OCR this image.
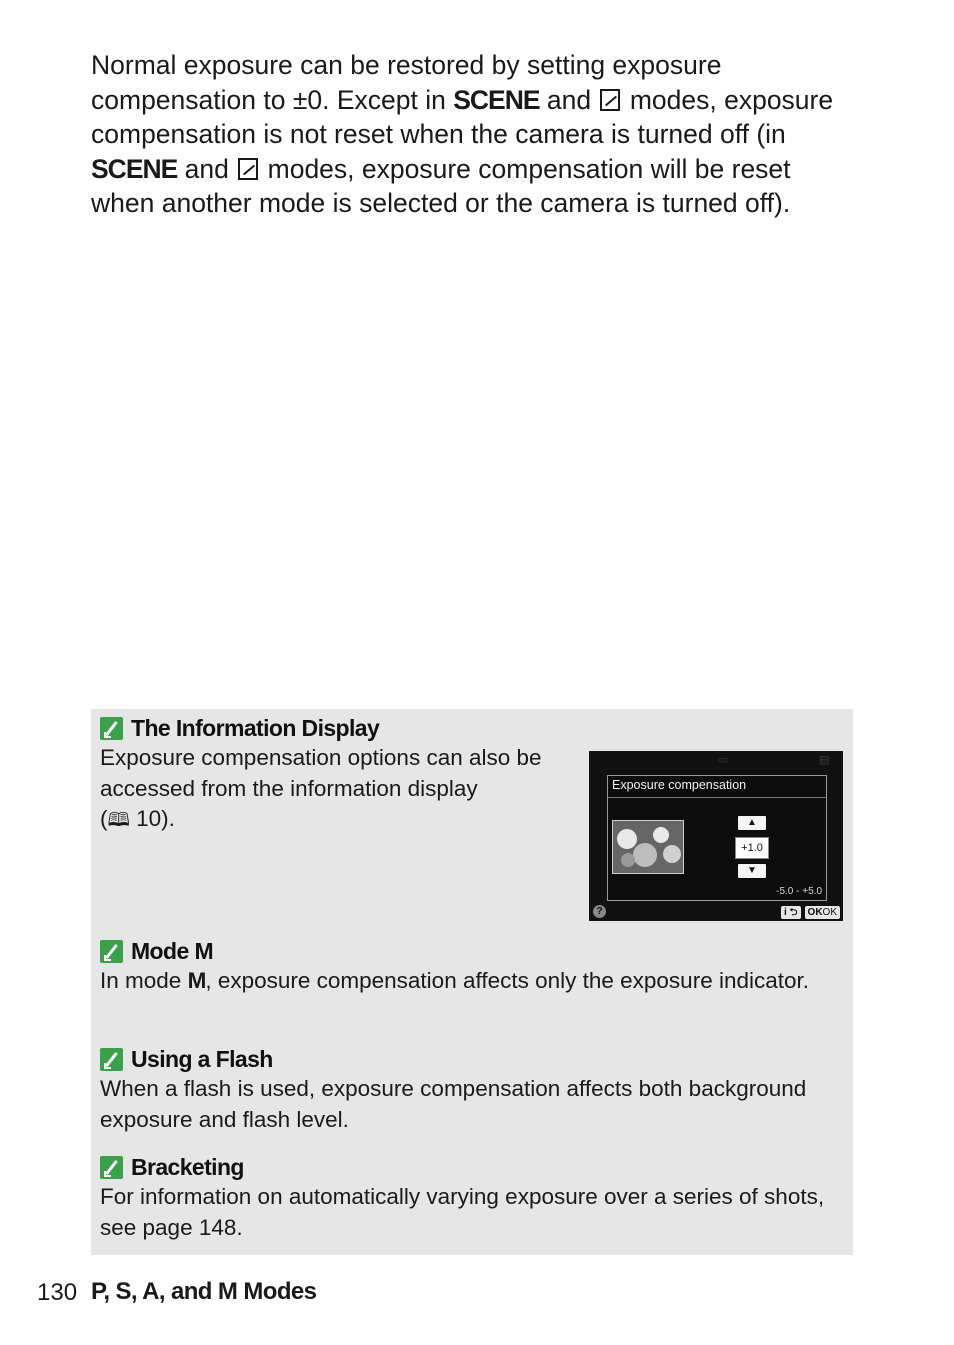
Normal exposure can be restored by setting exposure compensation to ±0. Except in SCENE and  modes, exposure compensation is not reset when the camera is turned off (in SCENE and  modes, exposure compensation will be reset when another mode is selected or the camera is turned off).

The Information Display

Exposure compensation options can also be accessed from the information display
(🕮 10).

▭	▤
Exposure compensation
▲
+1.0
▼
-5.0 - +5.0
?	i ⮌	OKOK
Mode M

In mode M, exposure compensation affects only the exposure indicator.

Using a Flash

When a flash is used, exposure compensation affects both background exposure and flash level.

Bracketing

For information on automatically varying exposure over a series of shots, see page 148.

130 P, S, A, and M Modes
